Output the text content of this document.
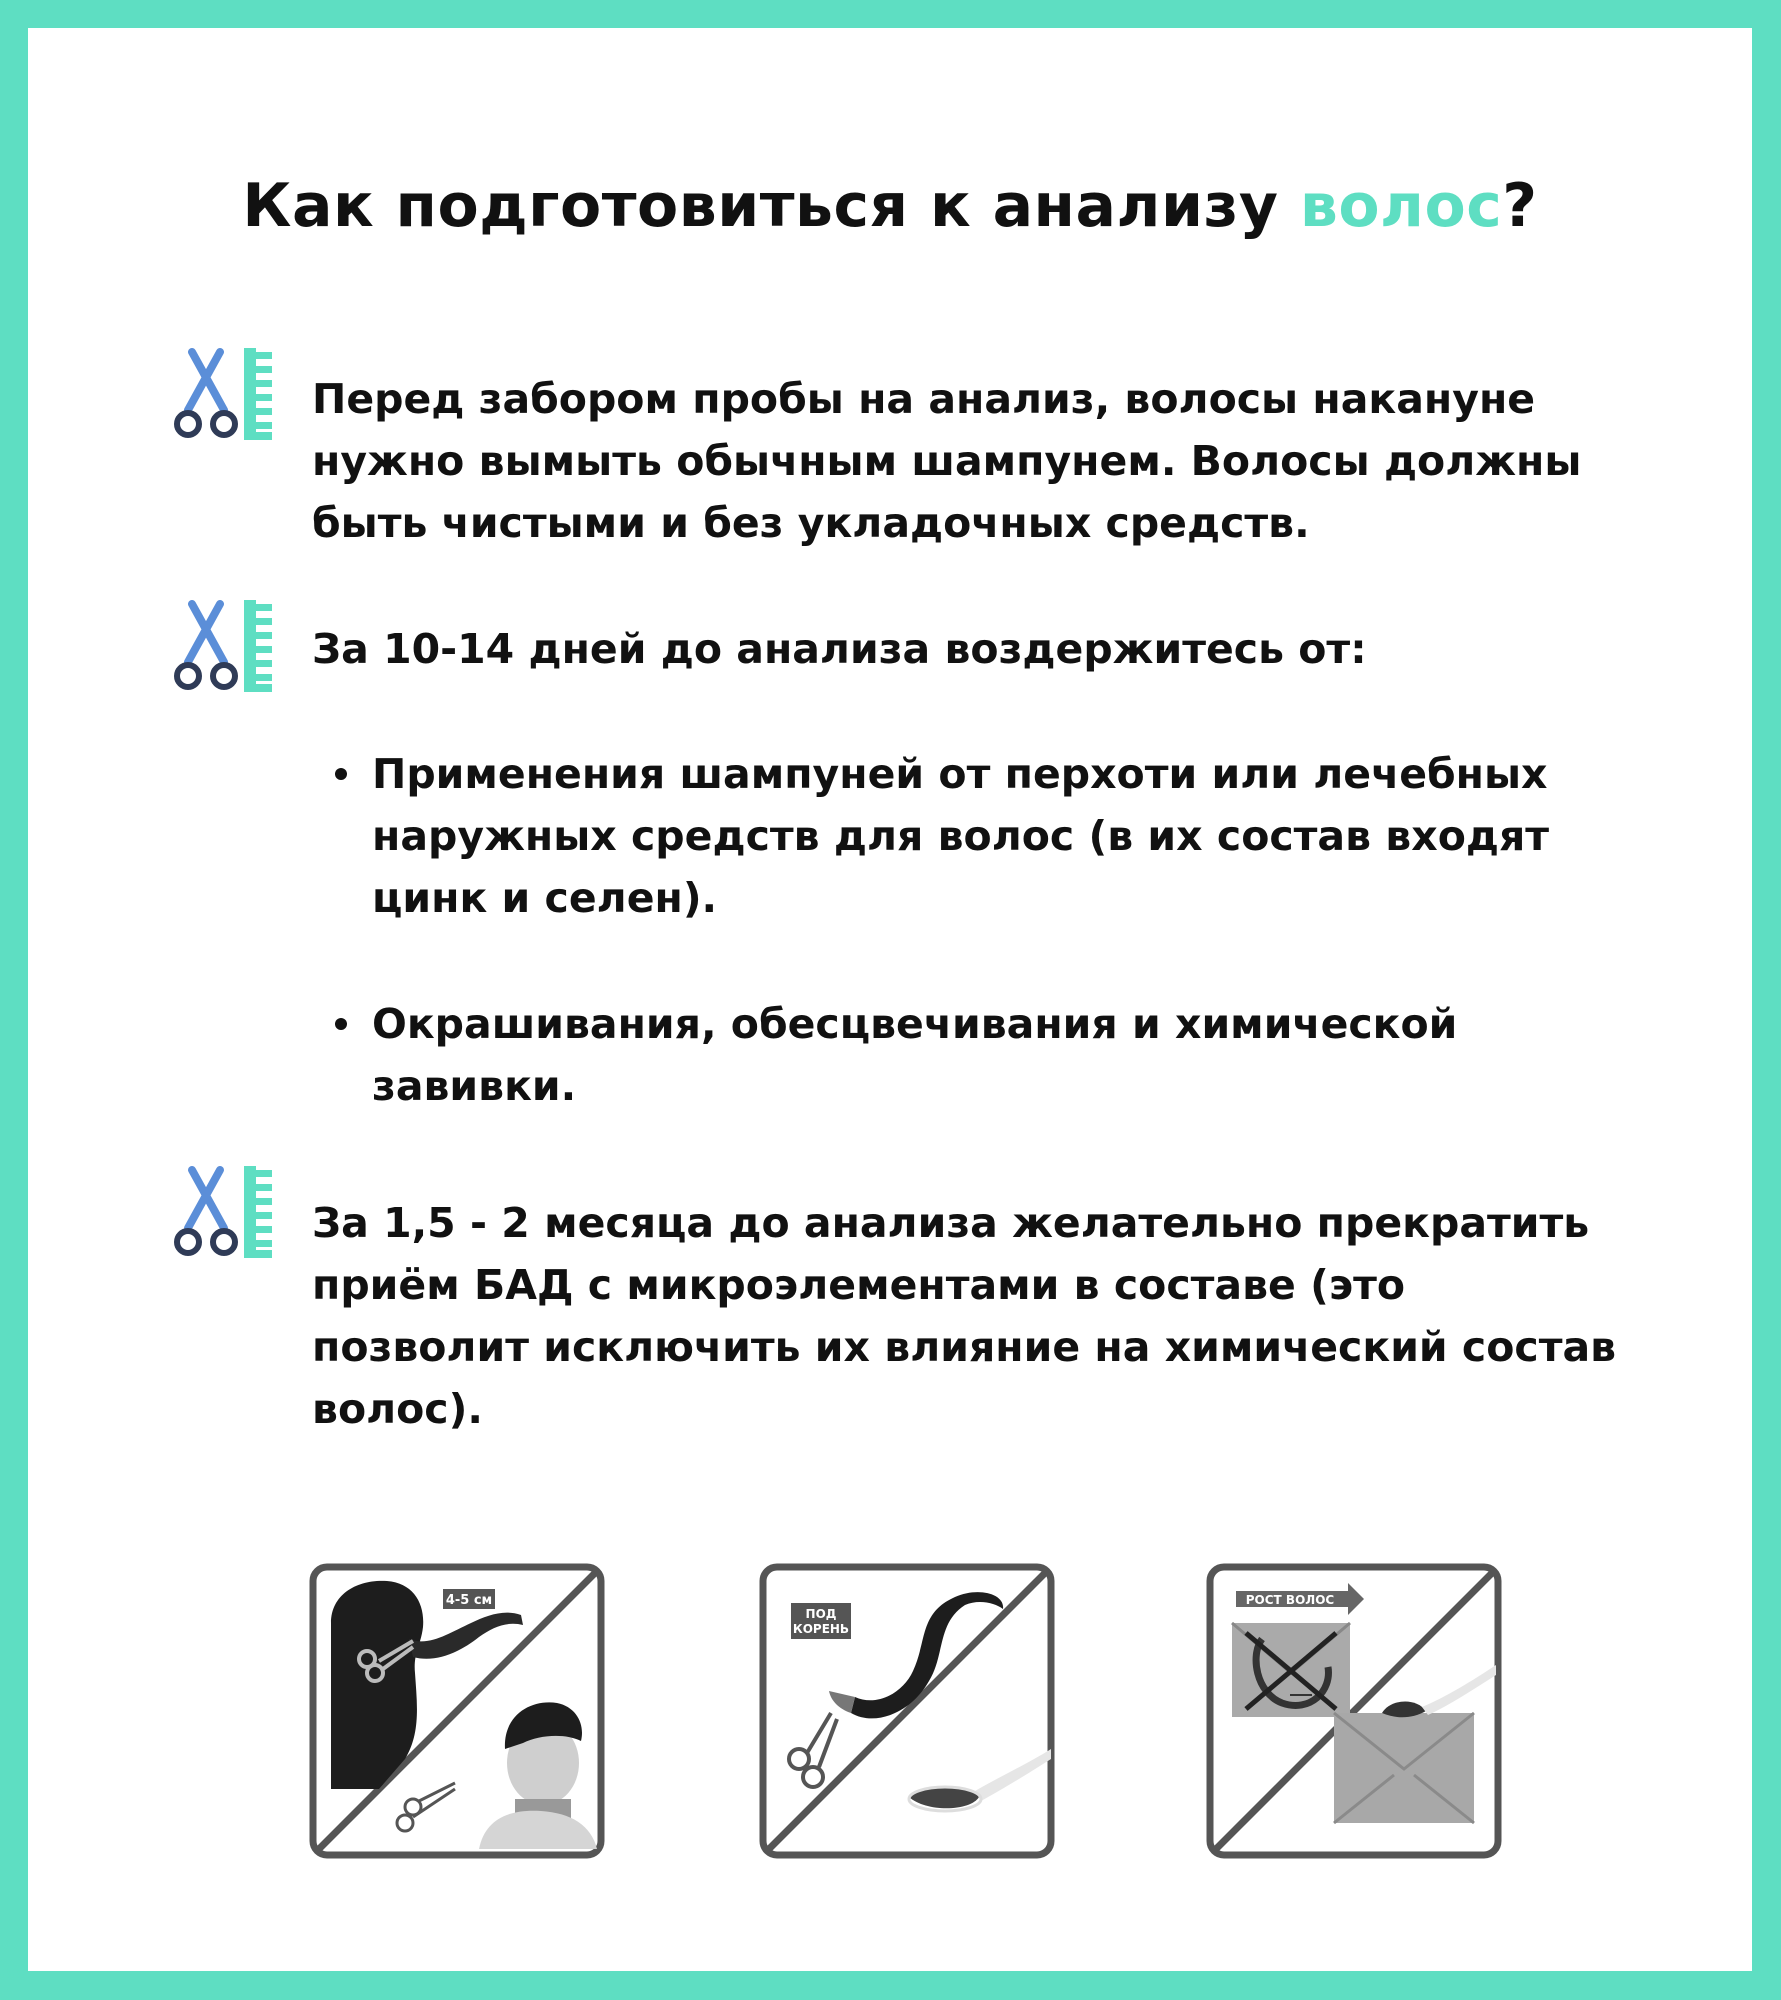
Как подготовиться к анализу волос?
Перед забором пробы на анализ, волосы накануне нужно вымыть обычным шампунем. Волосы должны быть чистыми и без укладочных средств.
За 10-14 дней до анализа воздержитесь от:
Применения шампуней от перхоти или лечебных наружных средств для волос (в их состав входят цинк и селен).
Окрашивания, обесцвечивания и химической завивки.
За 1,5 - 2 месяца до анализа желательно прекратить приём БАД с микроэлементами в составе (это позволит исключить их влияние на химический состав волос).
4-5 см
ПОД
КОРЕНЬ
РОСТ ВОЛОС
